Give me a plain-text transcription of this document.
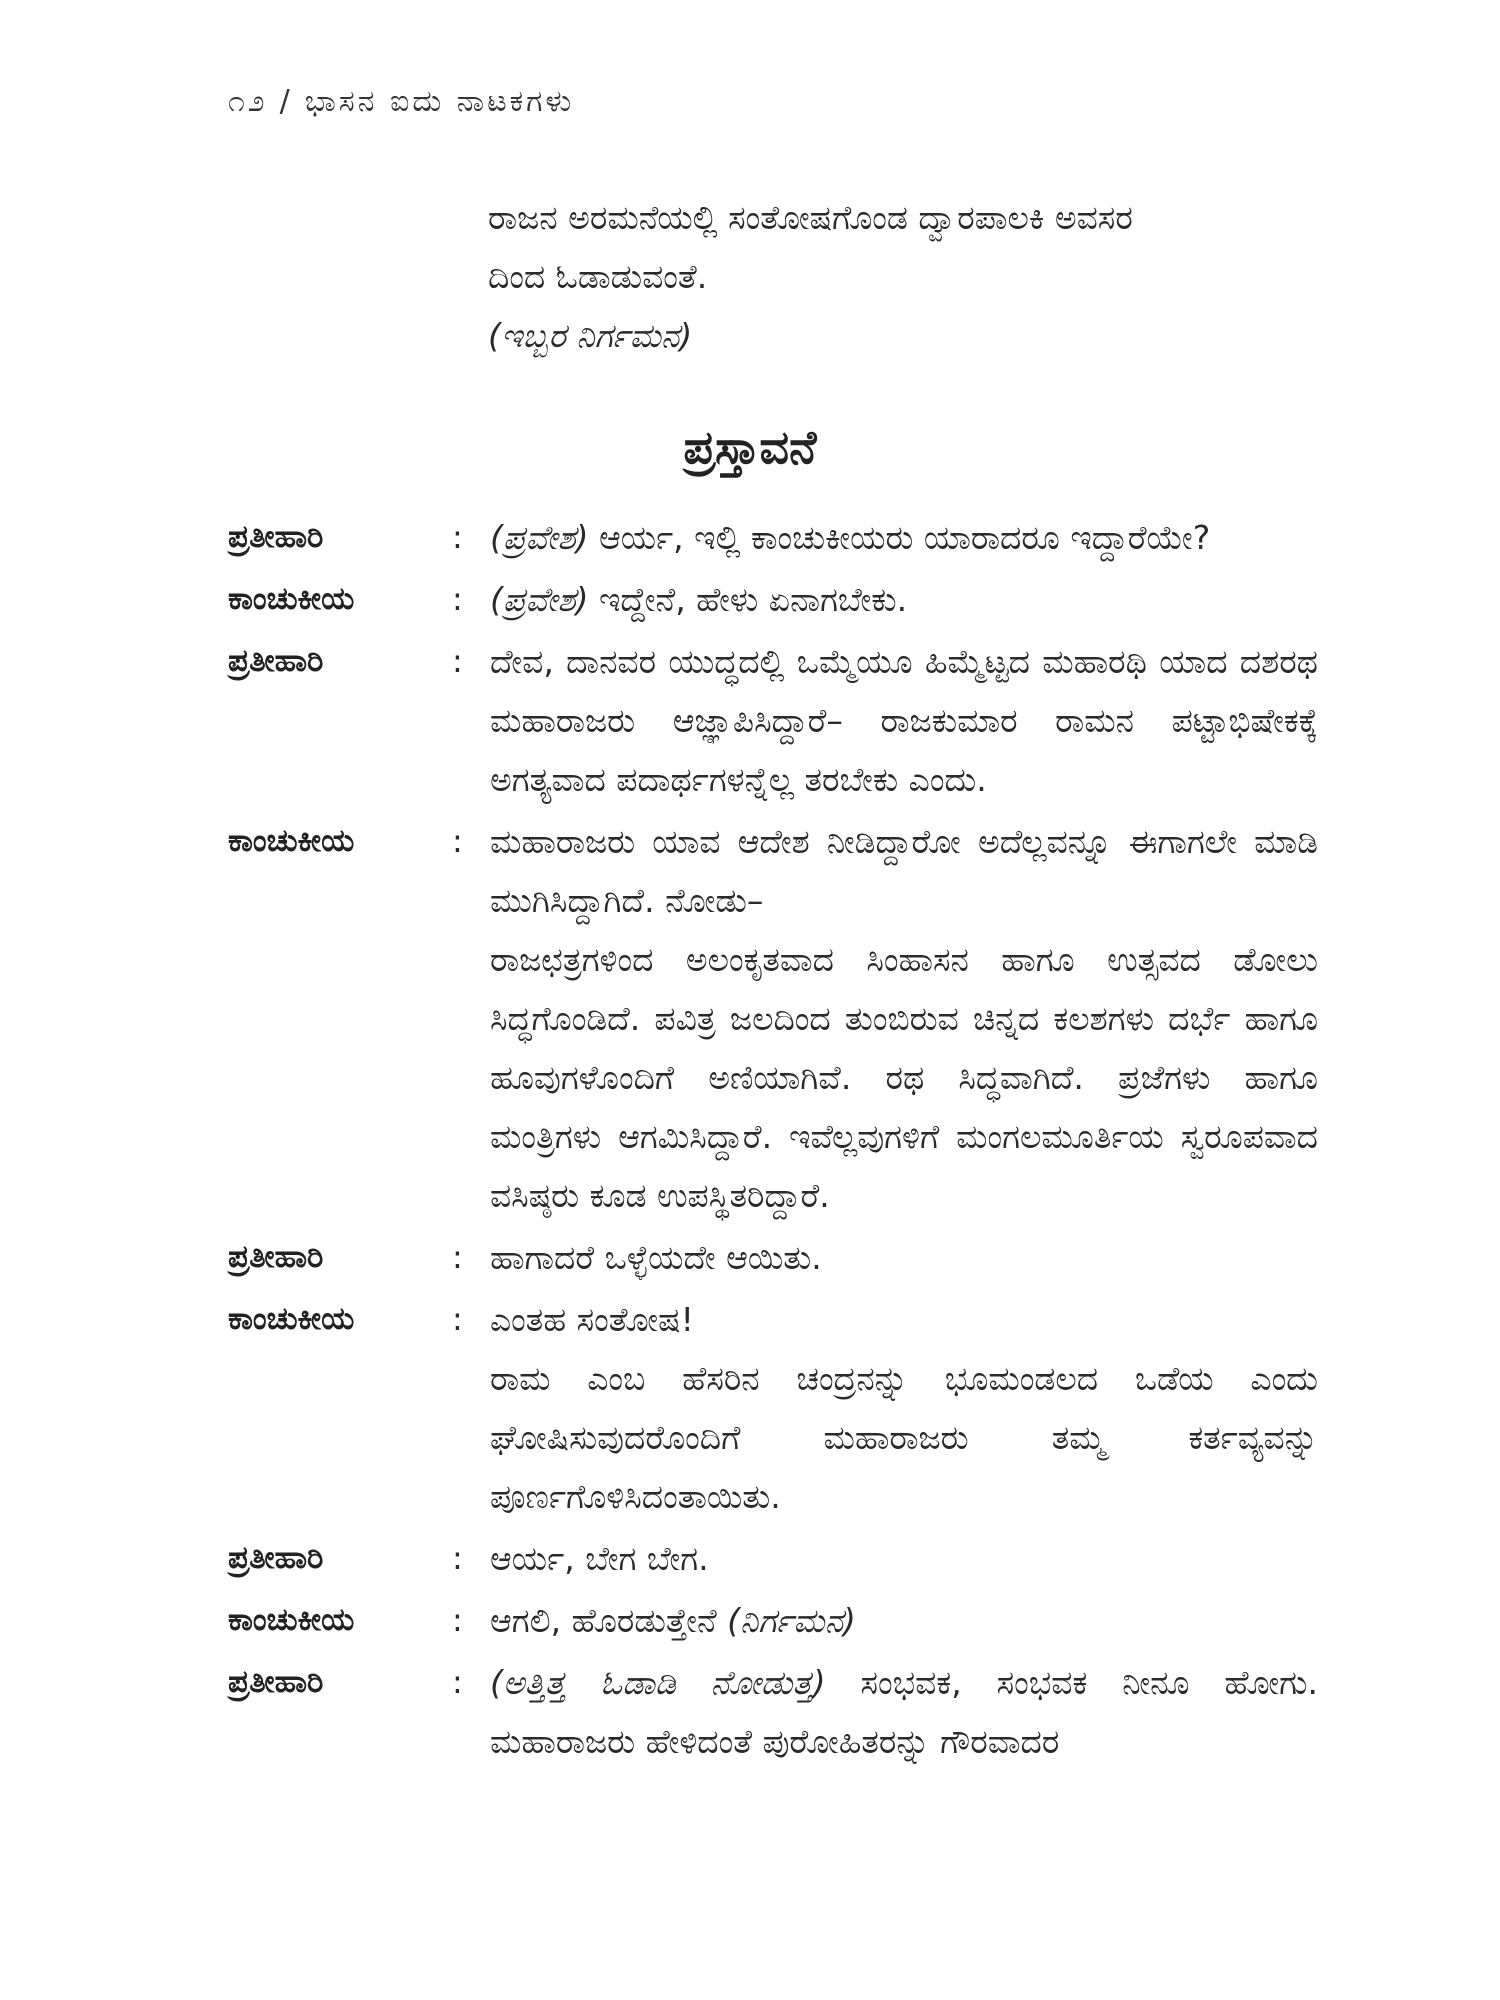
೧೨ / ಭಾಸನ ಐದು ನಾಟಕಗಳು
ರಾಜನ ಅರಮನೆಯಲ್ಲಿ ಸಂತೋಷಗೊಂಡ ದ್ವಾರಪಾಲಕಿ ಅವಸರ
ದಿಂದ ಓಡಾಡುವಂತೆ.
(ಇಬ್ಬರ ನಿರ್ಗಮನ)
ಪ್ರಸ್ತಾವನೆ
ಪ್ರತೀಹಾರಿ	: (ಪ್ರವೇಶ) ಆರ್ಯ, ಇಲ್ಲಿ ಕಾಂಚುಕೀಯರು ಯಾರಾದರೂ ಇದ್ದಾರೆಯೇ?
ಕಾಂಚುಕೀಯ	: (ಪ್ರವೇಶ) ಇದ್ದೇನೆ, ಹೇಳು ಏನಾಗಬೇಕು.
ಪ್ರತೀಹಾರಿ	: ದೇವ, ದಾನವರ ಯುದ್ಧದಲ್ಲಿ ಒಮ್ಮೆಯೂ ಹಿಮ್ಮೆಟ್ಟದ ಮಹಾರಥಿ ಯಾದ ದಶರಥ ಮಹಾರಾಜರು ಆಜ್ಞಾಪಿಸಿದ್ದಾರೆ– ರಾಜಕುಮಾರ ರಾಮನ ಪಟ್ಟಾಭಿಷೇಕಕ್ಕೆ ಅಗತ್ಯವಾದ ಪದಾರ್ಥಗಳನ್ನೆಲ್ಲ ತರಬೇಕು ಎಂದು.
ಕಾಂಚುಕೀಯ	: ಮಹಾರಾಜರು ಯಾವ ಆದೇಶ ನೀಡಿದ್ದಾರೋ ಅದೆಲ್ಲವನ್ನೂ ಈಗಾಗಲೇ ಮಾಡಿ ಮುಗಿಸಿದ್ದಾಗಿದೆ. ನೋಡು–
ರಾಜಛತ್ರಗಳಿಂದ ಅಲಂಕೃತವಾದ ಸಿಂಹಾಸನ ಹಾಗೂ ಉತ್ಸವದ ಡೋಲು ಸಿದ್ಧಗೊಂಡಿದೆ. ಪವಿತ್ರ ಜಲದಿಂದ ತುಂಬಿರುವ ಚಿನ್ನದ ಕಲಶಗಳು ದರ್ಭೆ ಹಾಗೂ ಹೂವುಗಳೊಂದಿಗೆ ಅಣಿಯಾಗಿವೆ. ರಥ ಸಿದ್ಧವಾಗಿದೆ. ಪ್ರಜೆಗಳು ಹಾಗೂ ಮಂತ್ರಿಗಳು ಆಗಮಿಸಿದ್ದಾರೆ. ಇವೆಲ್ಲವುಗಳಿಗೆ ಮಂಗಲಮೂರ್ತಿಯ ಸ್ವರೂಪವಾದ ವಸಿಷ್ಠರು ಕೂಡ ಉಪಸ್ಥಿತರಿದ್ದಾರೆ.
ಪ್ರತೀಹಾರಿ	: ಹಾಗಾದರೆ ಒಳ್ಳೆಯದೇ ಆಯಿತು.
ಕಾಂಚುಕೀಯ	: ಎಂತಹ ಸಂತೋಷ!
ರಾಮ ಎಂಬ ಹೆಸರಿನ ಚಂದ್ರನನ್ನು ಭೂಮಂಡಲದ ಒಡೆಯ ಎಂದು ಘೋಷಿಸುವುದರೊಂದಿಗೆ ಮಹಾರಾಜರು ತಮ್ಮ ಕರ್ತವ್ಯವನ್ನು ಪೂರ್ಣಗೊಳಿಸಿದಂತಾಯಿತು.
ಪ್ರತೀಹಾರಿ	: ಆರ್ಯ, ಬೇಗ ಬೇಗ.
ಕಾಂಚುಕೀಯ	: ಆಗಲಿ, ಹೊರಡುತ್ತೇನೆ (ನಿರ್ಗಮನ)
ಪ್ರತೀಹಾರಿ	: (ಅತ್ತಿತ್ತ ಓಡಾಡಿ ನೋಡುತ್ತ) ಸಂಭವಕ, ಸಂಭವಕ ನೀನೂ ಹೋಗು. ಮಹಾರಾಜರು ಹೇಳಿದಂತೆ ಪುರೋಹಿತರನ್ನು ಗೌರವಾದರ
